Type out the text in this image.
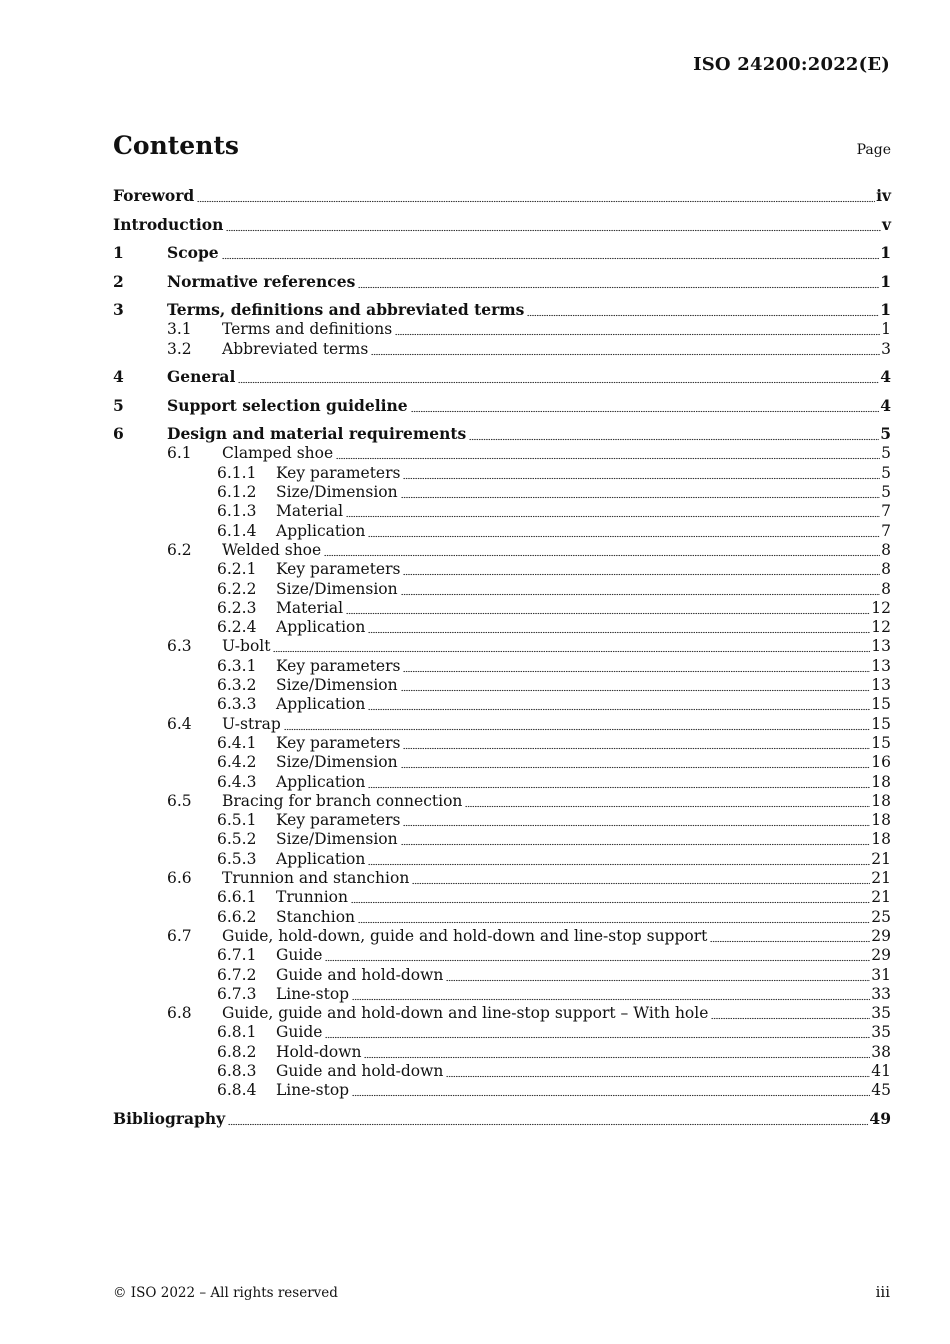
ISO 24200:2022(E)
Contents	Page
Foreword	iv
Introduction	v
1	Scope	1
2	Normative references	1
3	Terms, definitions and abbreviated terms	1
3.1 Terms and definitions	1
3.2 Abbreviated terms	3
4	General	4
5	Support selection guideline	4
6	Design and material requirements	5
6.1 Clamped shoe	5
6.1.1 Key parameters	5
6.1.2 Size/Dimension	5
6.1.3 Material	7
6.1.4 Application	7
6.2 Welded shoe	8
6.2.1 Key parameters	8
6.2.2 Size/Dimension	8
6.2.3 Material	12
6.2.4 Application	12
6.3 U-bolt	13
6.3.1 Key parameters	13
6.3.2 Size/Dimension	13
6.3.3 Application	15
6.4 U-strap	15
6.4.1 Key parameters	15
6.4.2 Size/Dimension	16
6.4.3 Application	18
6.5 Bracing for branch connection	18
6.5.1 Key parameters	18
6.5.2 Size/Dimension	18
6.5.3 Application	21
6.6 Trunnion and stanchion	21
6.6.1 Trunnion	21
6.6.2 Stanchion	25
6.7 Guide, hold-down, guide and hold-down and line-stop support	29
6.7.1 Guide	29
6.7.2 Guide and hold-down	31
6.7.3 Line-stop	33
6.8 Guide, guide and hold-down and line-stop support – With hole	35
6.8.1 Guide	35
6.8.2 Hold-down	38
6.8.3 Guide and hold-down	41
6.8.4 Line-stop	45
Bibliography	49
© ISO 2022 – All rights reserved	iii
